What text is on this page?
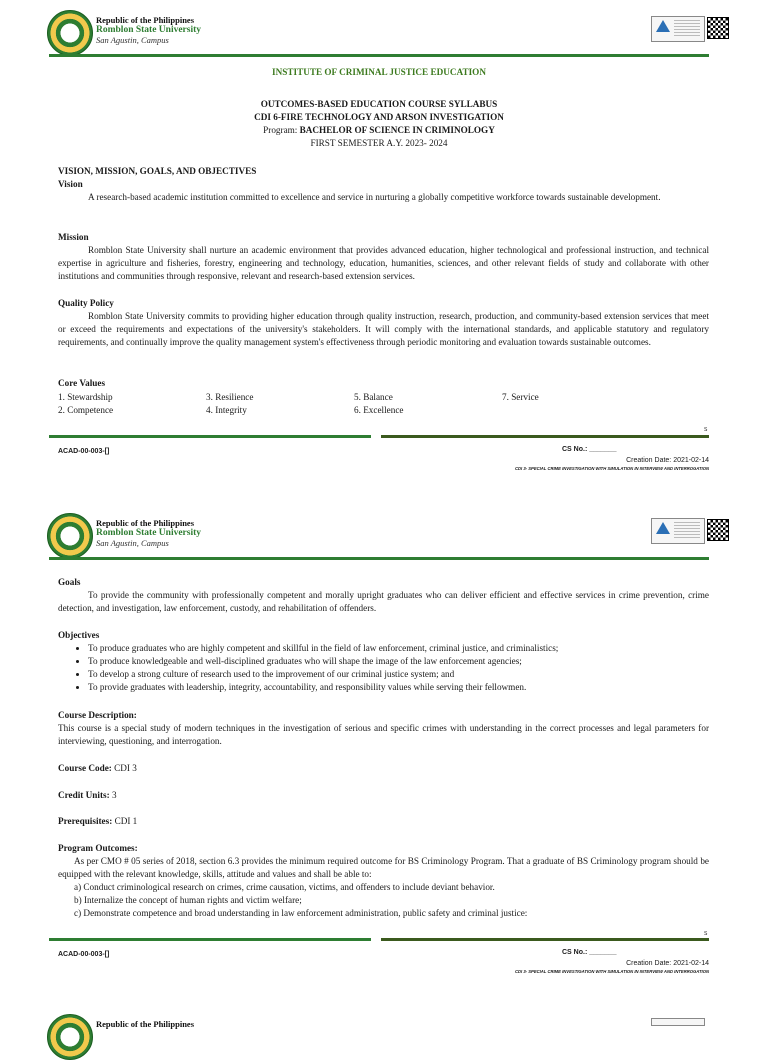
Republic of the Philippines
Romblon State University
San Agustin, Campus
INSTITUTE OF CRIMINAL JUSTICE EDUCATION
OUTCOMES-BASED EDUCATION COURSE SYLLABUS
CDI 6-FIRE TECHNOLOGY AND ARSON INVESTIGATION
Program: BACHELOR OF SCIENCE IN CRIMINOLOGY
FIRST SEMESTER A.Y. 2023- 2024
VISION, MISSION, GOALS, AND OBJECTIVES
Vision
A research-based academic institution committed to excellence and service in nurturing a globally competitive workforce towards sustainable development.
Mission
Romblon State University shall nurture an academic environment that provides advanced education, higher technological and professional instruction, and technical expertise in agriculture and fisheries, forestry, engineering and technology, education, humanities, sciences, and other relevant fields of study and collaborate with other institutions and communities through responsive, relevant and research-based extension services.
Quality Policy
Romblon State University commits to providing higher education through quality instruction, research, production, and community-based extension services that meet or exceed the requirements and expectations of the university's stakeholders. It will comply with the international standards, and applicable statutory and regulatory requirements, and continually improve the quality management system's effectiveness through periodic monitoring and evaluation towards sustainable outcomes.
Core Values
1. Stewardship	3. Resilience	5. Balance	7. Service
2. Competence	4. Integrity	6. Excellence	
S
ACAD-00-003-[]	CS No.: _______
Creation Date: 2021-02-14
CDI 3- SPECIAL CRIME INVESTIGATION WITH SIMULATION IN INTERVIEW AND INTERROGATION
Republic of the Philippines
Romblon State University
San Agustin, Campus
Goals
To provide the community with professionally competent and morally upright graduates who can deliver efficient and effective services in crime prevention, crime detection, and investigation, law enforcement, custody, and rehabilitation of offenders.
Objectives
• To produce graduates who are highly competent and skillful in the field of law enforcement, criminal justice, and criminalistics;
• To produce knowledgeable and well-disciplined graduates who will shape the image of the law enforcement agencies;
• To develop a strong culture of research used to the improvement of our criminal justice system; and
• To provide graduates with leadership, integrity, accountability, and responsibility values while serving their fellowmen.
Course Description:
This course is a special study of modern techniques in the investigation of serious and specific crimes with understanding in the correct processes and legal parameters for interviewing, questioning, and interrogation.
Course Code: CDI 3
Credit Units: 3
Prerequisites: CDI 1
Program Outcomes:
As per CMO # 05 series of 2018, section 6.3 provides the minimum required outcome for BS Criminology Program. That a graduate of BS Criminology program should be equipped with the relevant knowledge, skills, attitude and values and shall be able to:
a) Conduct criminological research on crimes, crime causation, victims, and offenders to include deviant behavior.
b) Internalize the concept of human rights and victim welfare;
c) Demonstrate competence and broad understanding in law enforcement administration, public safety and criminal justice:
S
ACAD-00-003-[]	CS No.: _______
Creation Date: 2021-02-14
CDI 3- SPECIAL CRIME INVESTIGATION WITH SIMULATION IN INTERVIEW AND INTERROGATION
Republic of the Philippines
